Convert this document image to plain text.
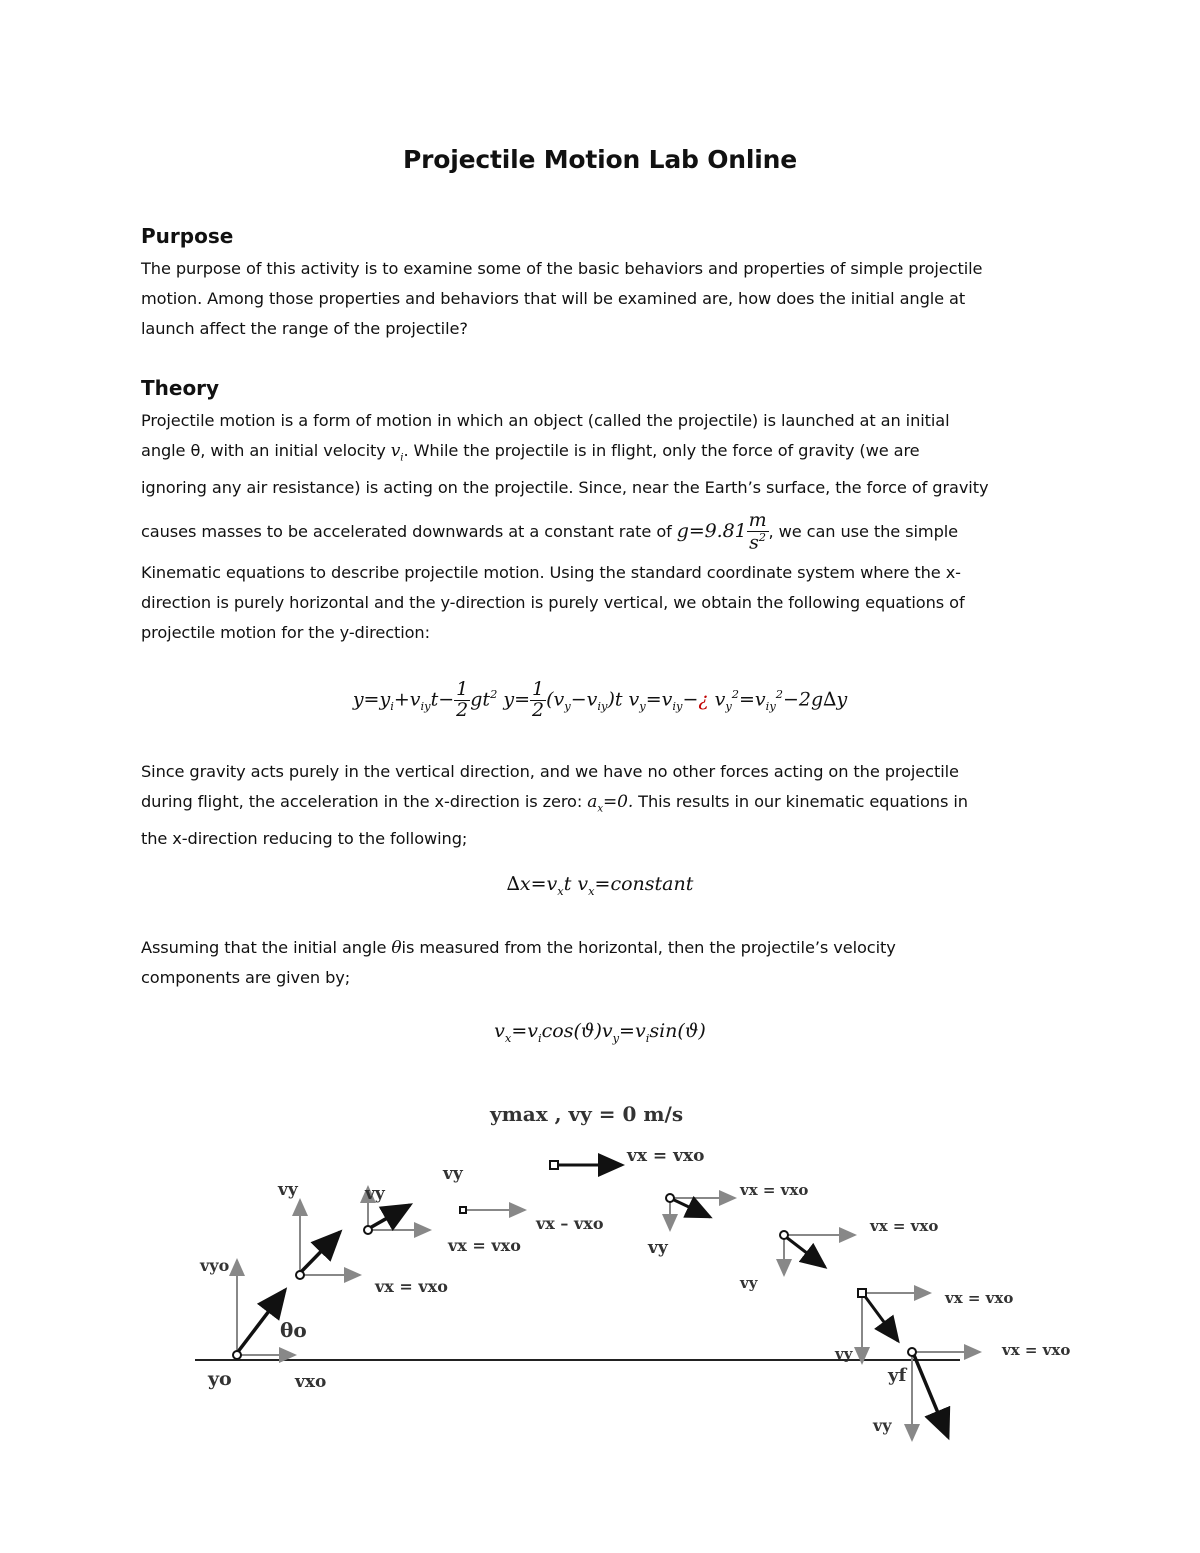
Projectile Motion Lab Online
Purpose
The purpose of this activity is to examine some of the basic behaviors and properties of simple projectile
motion. Among those properties and behaviors that will be examined are, how does the initial angle at
launch affect the range of the projectile?
Theory
Projectile motion is a form of motion in which an object (called the projectile) is launched at an initial
angle θ, with an initial velocity $v_i$. While the projectile is in flight, only the force of gravity (we are
ignoring any air resistance) is acting on the projectile. Since, near the Earth’s surface, the force of gravity
causes masses to be accelerated downwards at a constant rate of $g=9.81 \frac{m}{s^2}$ , we can use the simple
Kinematic equations to describe projectile motion. Using the standard coordinate system where the x-
direction is purely horizontal and the y-direction is purely vertical, we obtain the following equations of
projectile motion for the y-direction:
$y=y_i+v_{iy}t- \frac{1}{2} gt^2$ $y= \frac{1}{2} (v_y-v_{iy})t$ $v_y=v_{iy}-¿$ $v_y^2=v_{iy}^2-2g\Delta y$
Since gravity acts purely in the vertical direction, and we have no other forces acting on the projectile
during flight, the acceleration in the x-direction is zero: $a_x=0$. This results in our kinematic equations in
the x-direction reducing to the following;
$\Delta x=v_xt$ $v_x=constant$
Assuming that the initial angle θis measured from the horizontal, then the projectile’s velocity
components are given by;
$v_x=v_i\cos(ϑ)v_y=v_i\sin(ϑ)$
ymax , vy = 0 m/s
vy	vy
vy
vx = vxo
vx = vxo
vx – vxo
vx = vxo
vy
vx = vxo
vx = vxo
vy
vx = vxo
vx = vxo
vyo
θo
yo	vxo
vy
yf
vy
